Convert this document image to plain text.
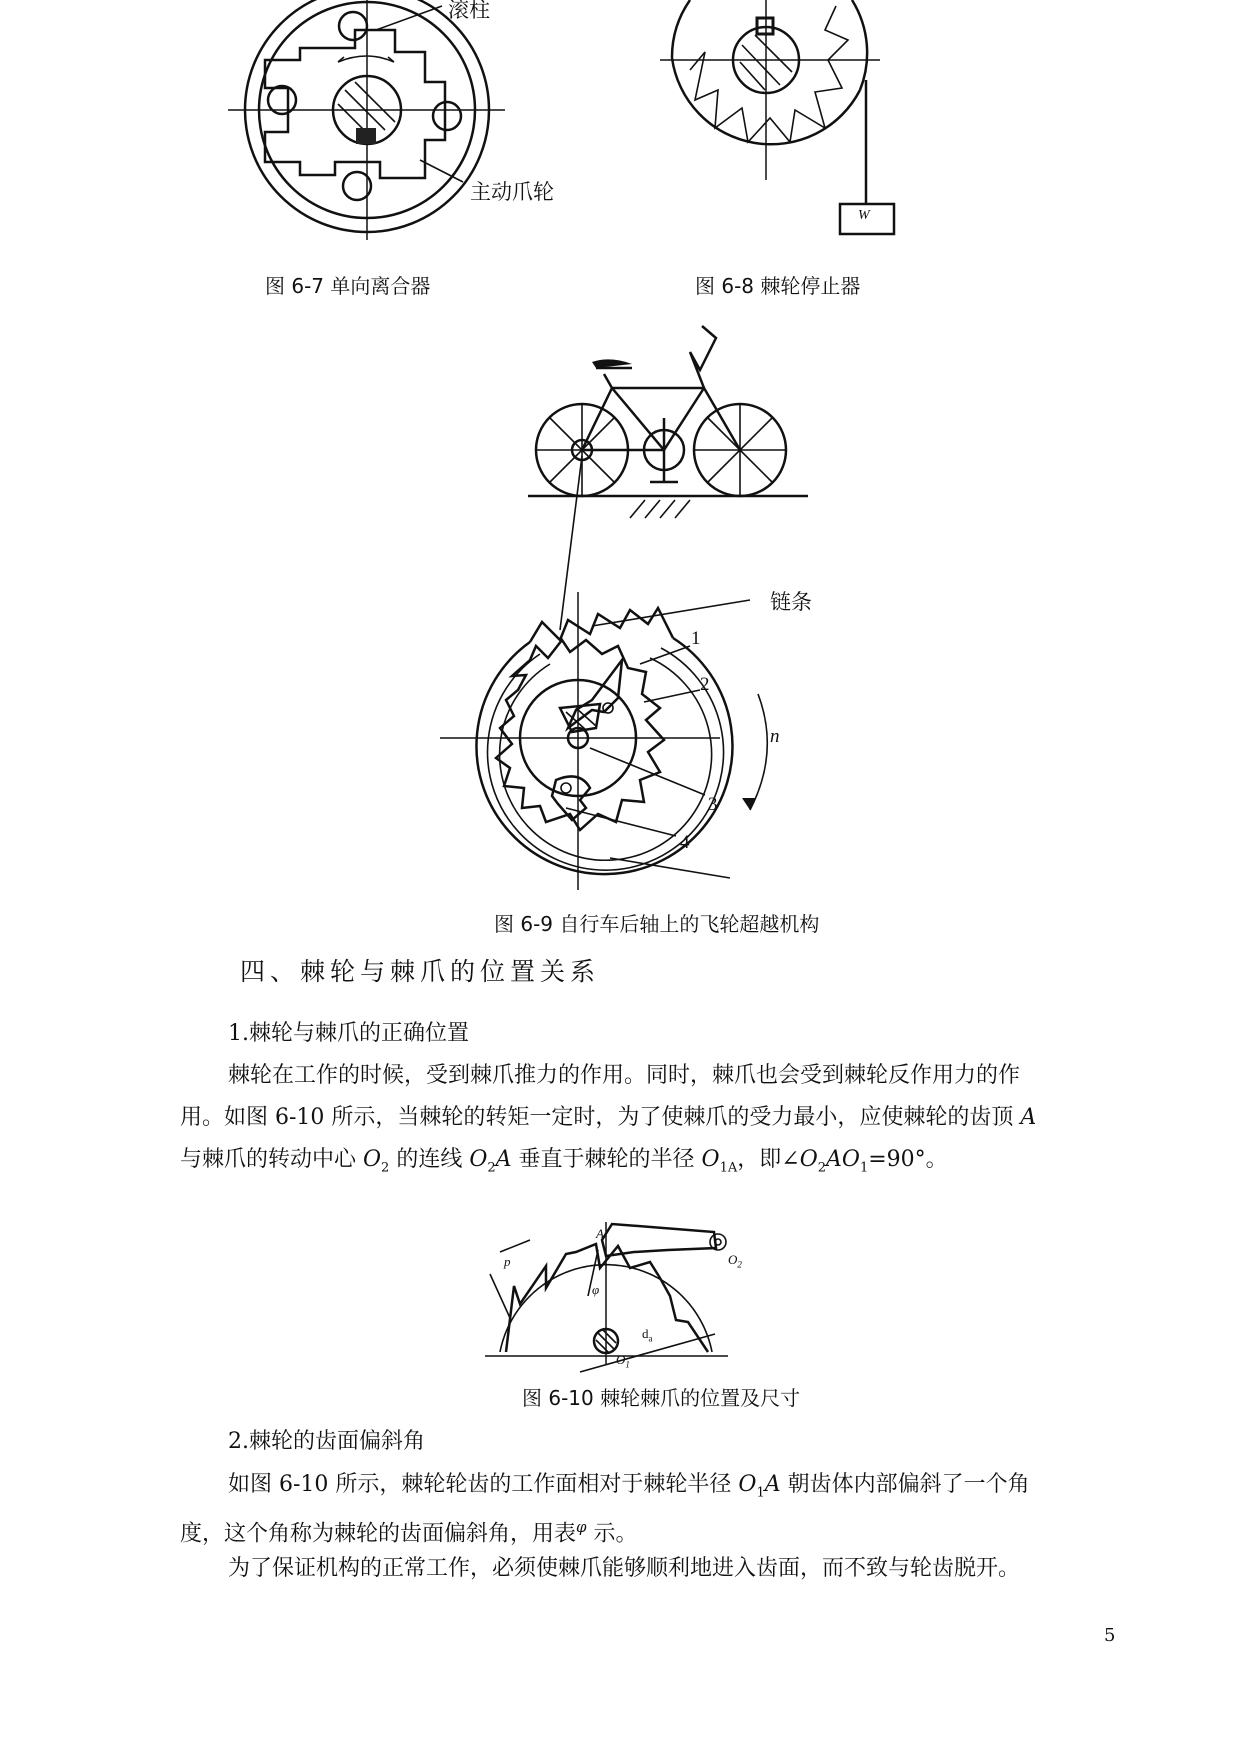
滚柱
主动爪轮
图 6-7 单向离合器
W
图 6-8 棘轮停止器
链条
1
2
3
4
n
图 6-9 自行车后轴上的飞轮超越机构
四、棘轮与棘爪的位置关系
1.棘轮与棘爪的正确位置
棘轮在工作的时候，受到棘爪推力的作用。同时，棘爪也会受到棘轮反作用力的作
用。如图 6-10 所示，当棘轮的转矩一定时，为了使棘爪的受力最小，应使棘轮的齿顶 A
与棘爪的转动中心 $O_2$ 的连线 $O_2A$ 垂直于棘轮的半径 $O_{1A}$，即$\angle O_2AO_1=90^\circ$。
A
$O_2$
$O_1$
p
φ
$d_a$
图 6-10 棘轮棘爪的位置及尺寸
2.棘轮的齿面偏斜角
如图 6-10 所示，棘轮轮齿的工作面相对于棘轮半径 $O_1A$ 朝齿体内部偏斜了一个角
度，这个角称为棘轮的齿面偏斜角，用表$^\varphi$ 示。
为了保证机构的正常工作，必须使棘爪能够顺利地进入齿面，而不致与轮齿脱开。
5
